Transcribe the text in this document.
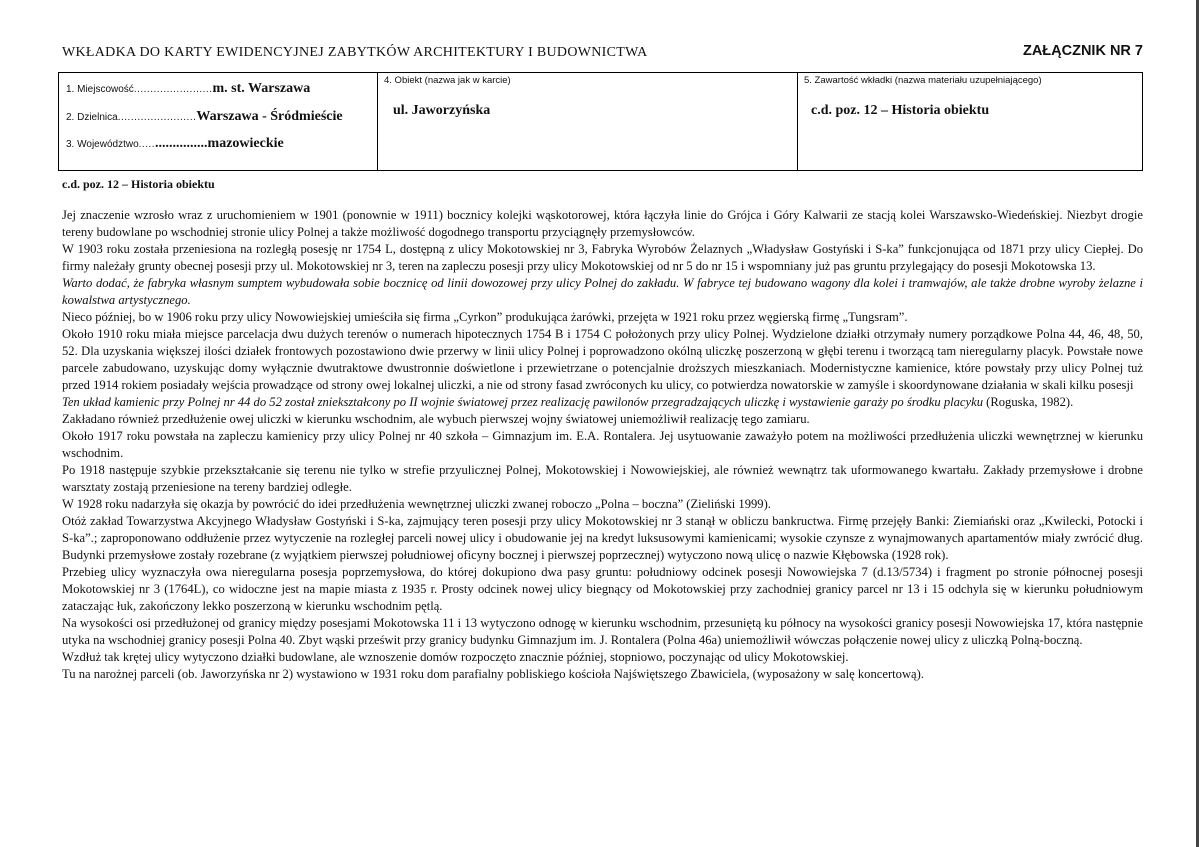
WKŁADKA DO KARTY EWIDENCYJNEJ ZABYTKÓW ARCHITEKTURY I BUDOWNICTWA	ZAŁĄCZNIK NR 7
1. Miejscowość........................m. st. Warszawa
2. Dzielnica........................Warszawa - Śródmieście
3. Województwo....................mazowieckie
4. Obiekt (nazwa jak w karcie)
ul. Jaworzyńska
5. Zawartość wkładki (nazwa materiału uzupełniającego)
c.d. poz. 12 – Historia obiektu
c.d. poz. 12 – Historia obiektu

Jej znaczenie wzrosło wraz z uruchomieniem w 1901 (ponownie w 1911) bocznicy kolejki wąskotorowej, która łączyła linie do Grójca i Góry Kalwarii ze stacją kolei Warszawsko-Wiedeńskiej. Niezbyt drogie tereny budowlane po wschodniej stronie ulicy Polnej a także możliwość dogodnego transportu przyciągnęły przemysłowców.

W 1903 roku została przeniesiona na rozległą posesję nr 1754 L, dostępną z ulicy Mokotowskiej nr 3, Fabryka Wyrobów Żelaznych „Władysław Gostyński i S-ka” funkcjonująca od 1871 przy ulicy Ciepłej. Do firmy należały grunty obecnej posesji przy ul. Mokotowskiej nr 3, teren na zapleczu posesji przy ulicy Mokotowskiej od nr 5 do nr 15 i wspomniany już pas gruntu przylegający do posesji Mokotowska 13.

Warto dodać, że fabryka własnym sumptem wybudowała sobie bocznicę od linii dowozowej przy ulicy Polnej do zakładu. W fabryce tej budowano wagony dla kolei i tramwajów, ale także drobne wyroby żelazne i kowalstwa artystycznego.

Nieco później, bo w 1906 roku przy ulicy Nowowiejskiej umieściła się firma „Cyrkon” produkująca żarówki, przejęta w 1921 roku przez węgierską firmę „Tungsram”.

Około 1910 roku miała miejsce parcelacja dwu dużych terenów o numerach hipotecznych 1754 B i 1754 C położonych przy ulicy Polnej. Wydzielone działki otrzymały numery porządkowe Polna 44, 46, 48, 50, 52. Dla uzyskania większej ilości działek frontowych pozostawiono dwie przerwy w linii ulicy Polnej i poprowadzono okólną uliczkę poszerzoną w głębi terenu i tworzącą tam nieregularny placyk. Powstałe nowe parcele zabudowano, uzyskując domy wyłącznie dwutraktowe dwustronnie doświetlone i przewietrzane o potencjalnie droższych mieszkaniach. Modernistyczne kamienice, które powstały przy ulicy Polnej tuż przed 1914 rokiem posiadały wejścia prowadzące od strony owej lokalnej uliczki, a nie od strony fasad zwróconych ku ulicy, co potwierdza nowatorskie w zamyśle i skoordynowane działania w skali kilku posesji

Ten układ kamienic przy Polnej nr 44 do 52 został zniekształcony po II wojnie światowej przez realizację pawilonów przegradzających uliczkę i wystawienie garaży po środku placyku (Roguska, 1982).

Zakładano również przedłużenie owej uliczki w kierunku wschodnim, ale wybuch pierwszej wojny światowej uniemożliwił realizację tego zamiaru.

Około 1917 roku powstała na zapleczu kamienicy przy ulicy Polnej nr 40 szkoła – Gimnazjum im. E.A. Rontalera. Jej usytuowanie zaważyło potem na możliwości przedłużenia uliczki wewnętrznej w kierunku wschodnim.

Po 1918 następuje szybkie przekształcanie się terenu nie tylko w strefie przyulicznej Polnej, Mokotowskiej i Nowowiejskiej, ale również wewnątrz tak uformowanego kwartału. Zakłady przemysłowe i drobne warsztaty zostają przeniesione na tereny bardziej odległe.

W 1928 roku nadarzyła się okazja by powrócić do idei przedłużenia wewnętrznej uliczki zwanej roboczo „Polna – boczna” (Zieliński 1999).

Otóż zakład Towarzystwa Akcyjnego Władysław Gostyński i S-ka, zajmujący teren posesji przy ulicy Mokotowskiej nr 3 stanął w obliczu bankructwa. Firmę przejęły Banki: Ziemiański oraz „Kwilecki, Potocki i S-ka”.; zaproponowano oddłużenie przez wytyczenie na rozległej parceli nowej ulicy i obudowanie jej na kredyt luksusowymi kamienicami; wysokie czynsze z wynajmowanych apartamentów miały zwrócić dług. Budynki przemysłowe zostały rozebrane (z wyjątkiem pierwszej południowej oficyny bocznej i pierwszej poprzecznej) wytyczono nową ulicę o nazwie Kłębowska (1928 rok).

Przebieg ulicy wyznaczyła owa nieregularna posesja poprzemysłowa, do której dokupiono dwa pasy gruntu: południowy odcinek posesji Nowowiejska 7 (d.13/5734) i fragment po stronie północnej posesji Mokotowskiej nr 3 (1764L), co widoczne jest na mapie miasta z 1935 r. Prosty odcinek nowej ulicy biegnący od Mokotowskiej przy zachodniej granicy parcel nr 13 i 15 odchyla się w kierunku południowym zataczając łuk, zakończony lekko poszerzoną w kierunku wschodnim pętlą.

Na wysokości osi przedłużonej od granicy między posesjami Mokotowska 11 i 13 wytyczono odnogę w kierunku wschodnim, przesuniętą ku północy na wysokości granicy posesji Nowowiejska 17, która następnie utyka na wschodniej granicy posesji Polna 40. Zbyt wąski prześwit przy granicy budynku Gimnazjum im. J. Rontalera (Polna 46a) uniemożliwił wówczas połączenie nowej ulicy z uliczką Polną-boczną.

Wzdłuż tak krętej ulicy wytyczono działki budowlane, ale wznoszenie domów rozpoczęto znacznie później, stopniowo, poczynając od ulicy Mokotowskiej.

Tu na narożnej parceli (ob. Jaworzyńska nr 2) wystawiono w 1931 roku dom parafialny pobliskiego kościoła Najświętszego Zbawiciela, (wyposażony w salę koncertową).
